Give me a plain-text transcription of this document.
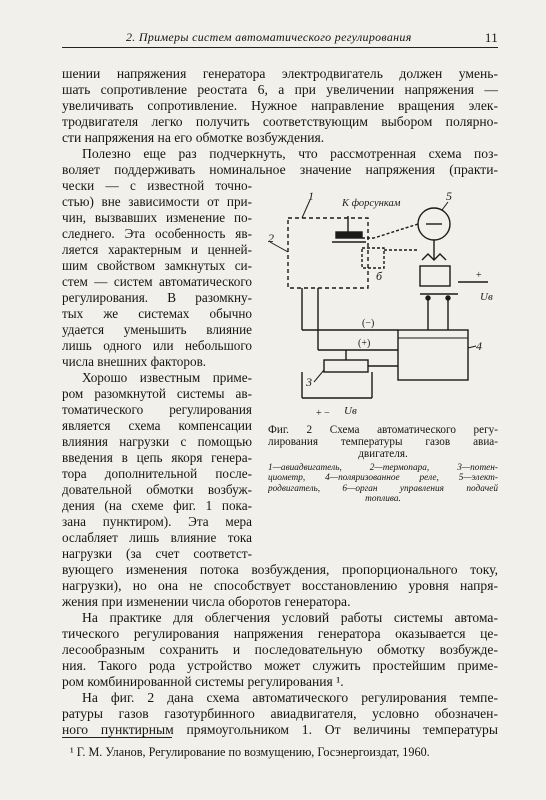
2. Примеры систем автоматического регулирования	11
шении напряжения генератора электродвигатель должен умень-
шать сопротивление реостата 6, а при увеличении напряжения —
увеличивать сопротивление. Нужное направление вращения элек-
тродвигателя легко получить соответствующим выбором полярно-
сти напряжения на его обмотке возбуждения.
Полезно еще раз подчеркнуть, что рассмотренная схема поз-
воляет поддерживать номинальное значение напряжения (практи-
чески — с известной точно-
стью) вне зависимости от при-
чин, вызвавших изменение по-
следнего. Эта особенность яв-
ляется характерным и ценней-
шим свойством замкнутых си-
стем — систем автоматического
регулирования. В разомкну-
тых же системах обычно
удается уменьшить влияние
лишь одного или небольшого
числа внешних факторов.
Хорошо известным приме-
ром разомкнутой системы ав-
томатического регулирования
является схема компенсации
влияния нагрузки с помощью
введения в цепь якоря генера-
тора дополнительной после-
довательной обмотки возбуж-
дения (на схеме фиг. 1 пока-
зана пунктиром). Эта мера
ослабляет лишь влияние тока
нагрузки (за счет соответст-
1
2
К форсункам
б
5
+
Uв
4
(−)
(+)
3
+ − Uв
Фиг. 2 Схема автоматического регу-
лирования температуры газов авиа-
двигателя.
1—авиадвигатель, 2—термопара, 3—потен-
циометр, 4—поляризованное реле, 5—элект-
родвигатель, 6—орган управления подачей
топлива.
вующего изменения потока возбуждения, пропорционального току,
нагрузки), но она не способствует восстановлению уровня напря-
жения при изменении числа оборотов генератора.
На практике для облегчения условий работы системы автома-
тического регулирования напряжения генератора оказывается це-
лесообразным сохранить и последовательную обмотку возбужде-
ния. Такого рода устройство может служить простейшим приме-
ром комбинированной системы регулирования ¹.
На фиг. 2 дана схема автоматического регулирования темпе-
ратуры газов газотурбинного авиадвигателя, условно обозначен-
ного пунктирным прямоугольником 1. От величины температуры
¹ Г. М. Уланов, Регулирование по возмущению, Госэнергоиздат, 1960.
